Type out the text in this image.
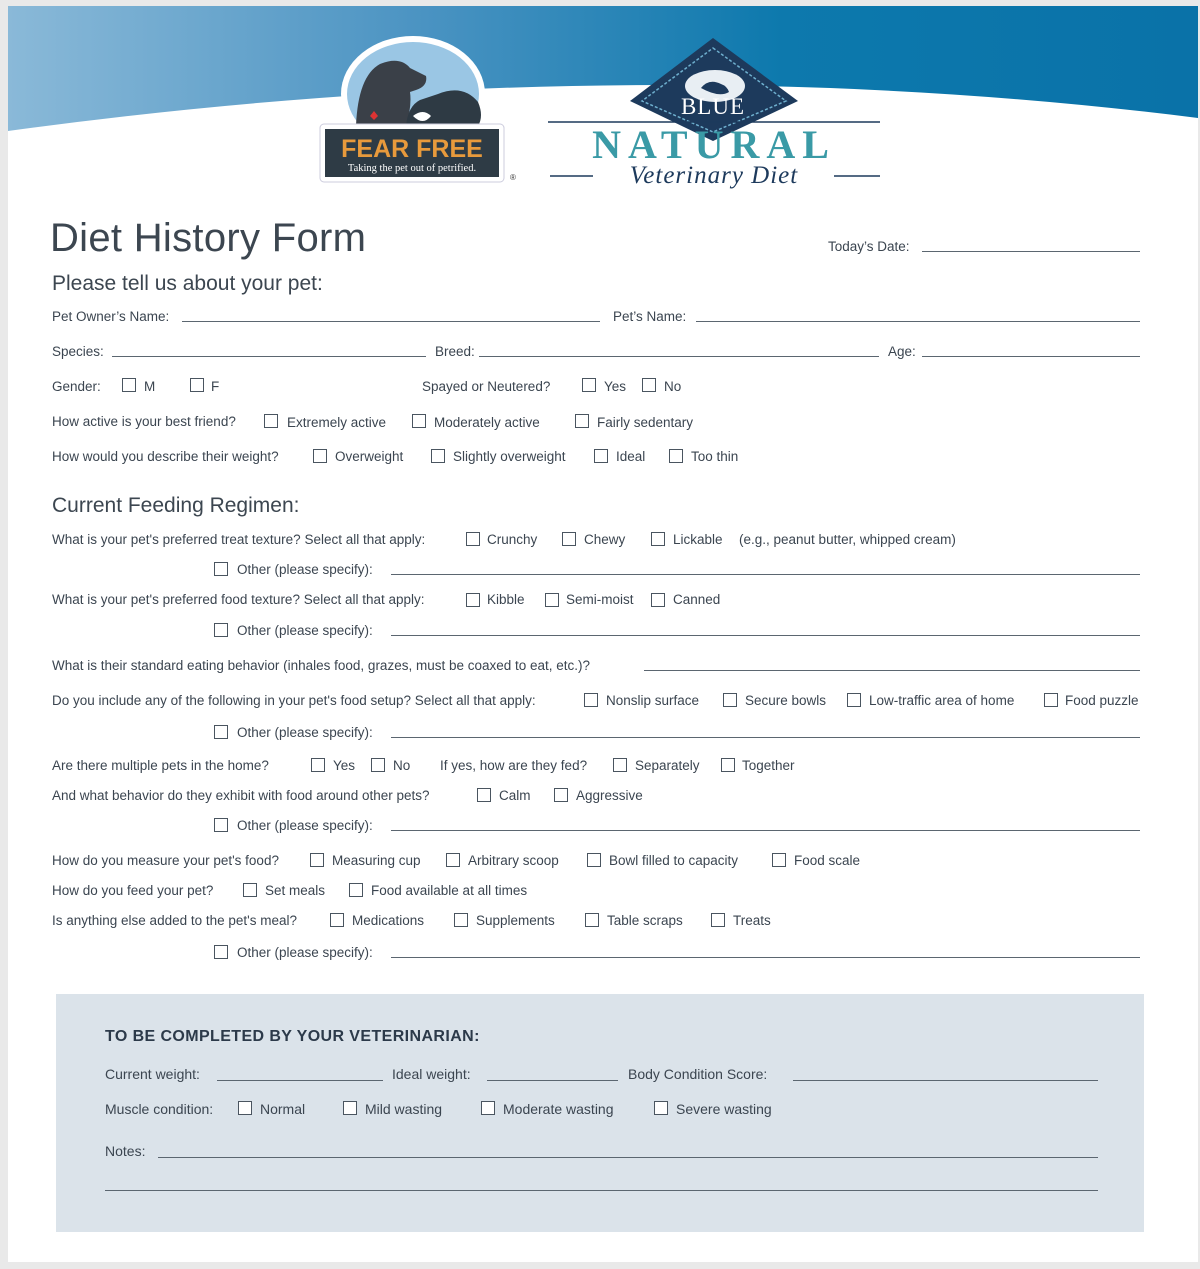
FEAR FREE
Taking the pet out of petrified.
®
BLUE
NATURAL
Veterinary Diet
Diet History Form	Today’s Date:
Please tell us about your pet:
Pet Owner’s Name:	Pet’s Name:
Species:	Breed:	Age:
Gender:	M	F	Spayed or Neutered?	Yes	No
How active is your best friend?	Extremely active	Moderately active	Fairly sedentary
How would you describe their weight?	Overweight	Slightly overweight	Ideal	Too thin
Current Feeding Regimen:
What is your pet's preferred treat texture? Select all that apply:	Crunchy	Chewy	Lickable (e.g., peanut butter, whipped cream)
Other (please specify):
What is your pet's preferred food texture? Select all that apply:	Kibble	Semi-moist	Canned
Other (please specify):
What is their standard eating behavior (inhales food, grazes, must be coaxed to eat, etc.)?
Do you include any of the following in your pet's food setup? Select all that apply:	Nonslip surface	Secure bowls	Low-traffic area of home	Food puzzle
Other (please specify):
Are there multiple pets in the home?	Yes	No If yes, how are they fed?	Separately	Together
And what behavior do they exhibit with food around other pets?	Calm	Aggressive
Other (please specify):
How do you measure your pet's food?	Measuring cup	Arbitrary scoop	Bowl filled to capacity	Food scale
How do you feed your pet?	Set meals	Food available at all times
Is anything else added to the pet's meal?	Medications	Supplements	Table scraps	Treats
Other (please specify):
TO BE COMPLETED BY YOUR VETERINARIAN:
Current weight:	Ideal weight:	Body Condition Score:
Muscle condition:	Normal	Mild wasting	Moderate wasting	Severe wasting
Notes:
